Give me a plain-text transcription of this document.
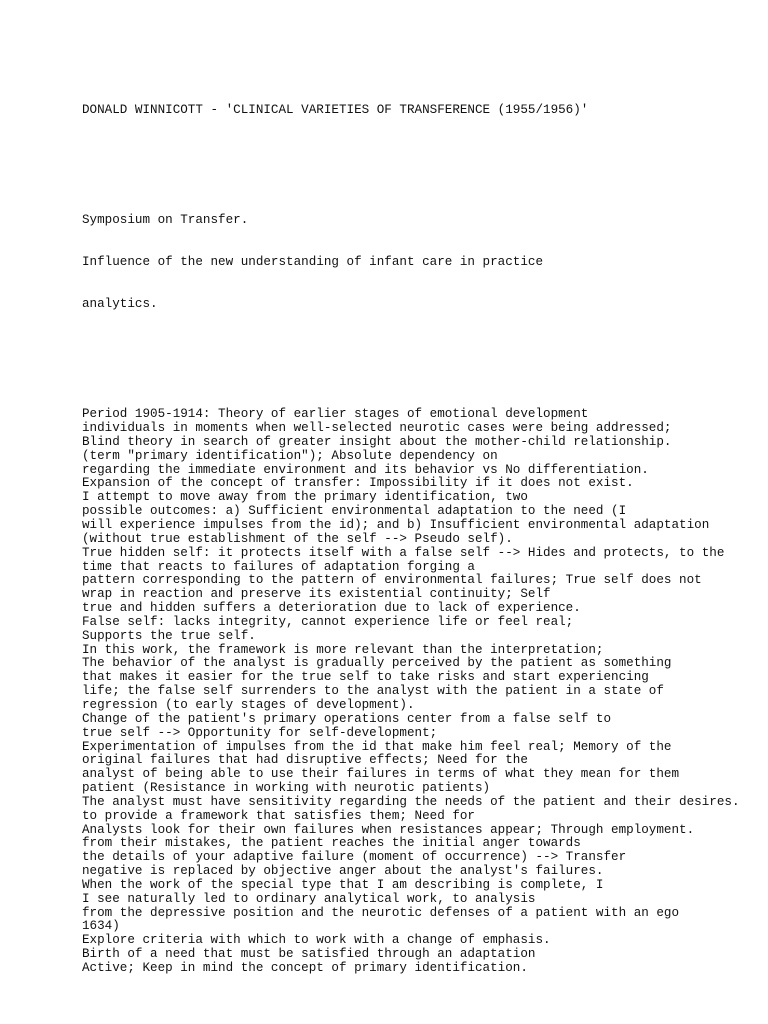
DONALD WINNICOTT - 'CLINICAL VARIETIES OF TRANSFERENCE (1955/1956)'

Symposium on Transfer.

Influence of the new understanding of infant care in practice

analytics.

Period 1905-1914: Theory of earlier stages of emotional development
individuals in moments when well-selected neurotic cases were being addressed;
Blind theory in search of greater insight about the mother-child relationship.
(term "primary identification"); Absolute dependency on
regarding the immediate environment and its behavior vs No differentiation.
Expansion of the concept of transfer: Impossibility if it does not exist.
I attempt to move away from the primary identification, two
possible outcomes: a) Sufficient environmental adaptation to the need (I
will experience impulses from the id); and b) Insufficient environmental adaptation
(without true establishment of the self --> Pseudo self).
True hidden self: it protects itself with a false self --> Hides and protects, to the
time that reacts to failures of adaptation forging a
pattern corresponding to the pattern of environmental failures; True self does not
wrap in reaction and preserve its existential continuity; Self
true and hidden suffers a deterioration due to lack of experience.
False self: lacks integrity, cannot experience life or feel real;
Supports the true self.
In this work, the framework is more relevant than the interpretation;
The behavior of the analyst is gradually perceived by the patient as something
that makes it easier for the true self to take risks and start experiencing
life; the false self surrenders to the analyst with the patient in a state of
regression (to early stages of development).
Change of the patient's primary operations center from a false self to
true self --> Opportunity for self-development;
Experimentation of impulses from the id that make him feel real; Memory of the
original failures that had disruptive effects; Need for the
analyst of being able to use their failures in terms of what they mean for them
patient (Resistance in working with neurotic patients)
The analyst must have sensitivity regarding the needs of the patient and their desires.
to provide a framework that satisfies them; Need for
Analysts look for their own failures when resistances appear; Through employment.
from their mistakes, the patient reaches the initial anger towards
the details of your adaptive failure (moment of occurrence) --> Transfer
negative is replaced by objective anger about the analyst's failures.
When the work of the special type that I am describing is complete, I
I see naturally led to ordinary analytical work, to analysis
from the depressive position and the neurotic defenses of a patient with an ego
1634)
Explore criteria with which to work with a change of emphasis.
Birth of a need that must be satisfied through an adaptation
Active; Keep in mind the concept of primary identification.
